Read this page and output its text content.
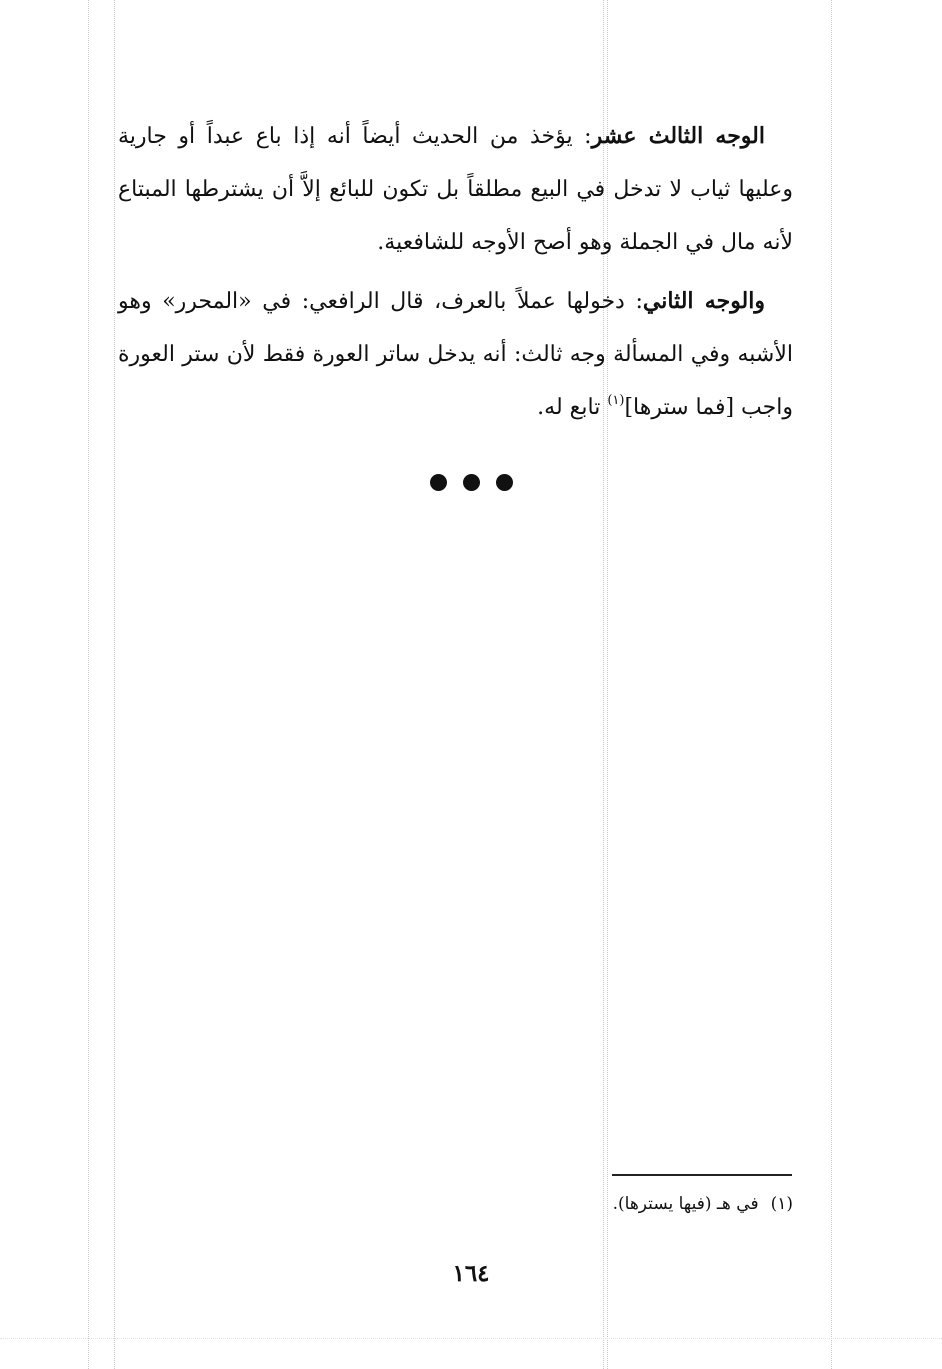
الوجه الثالث عشر: يؤخذ من الحديث أيضاً أنه إذا باع عبداً أو جارية وعليها ثياب لا تدخل في البيع مطلقاً بل تكون للبائع إلاَّ أن يشترطها المبتاع لأنه مال في الجملة وهو أصح الأوجه للشافعية.

والوجه الثاني: دخولها عملاً بالعرف، قال الرافعي: في «المحرر» وهو الأشبه وفي المسألة وجه ثالث: أنه يدخل ساتر العورة فقط لأن ستر العورة واجب [فما سترها]$^{(١)}$ تابع له.

(١)في هـ (فيها يسترها).
١٦٤
